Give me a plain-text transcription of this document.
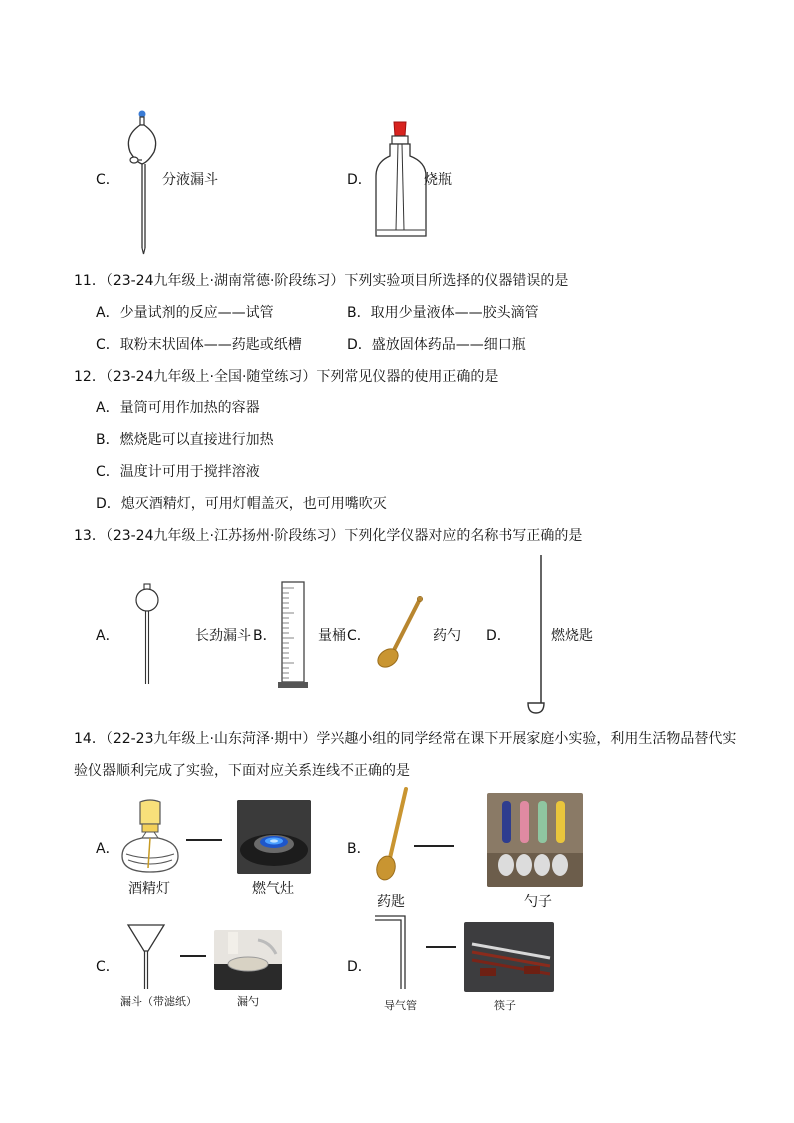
C．	分液漏斗	D．	烧瓶
11．（23-24九年级上·湖南常德·阶段练习）下列实验项目所选择的仪器错误的是
A．少量试剂的反应——试管	B．取用少量液体——胶头滴管
C．取粉末状固体——药匙或纸槽	D．盛放固体药品——细口瓶
12．（23-24九年级上·全国·随堂练习）下列常见仪器的使用正确的是
A．量筒可用作加热的容器
B．燃烧匙可以直接进行加热
C．温度计可用于搅拌溶液
D．熄灭酒精灯，可用灯帽盖灭，也可用嘴吹灭
13．（23-24九年级上·江苏扬州·阶段练习）下列化学仪器对应的名称书写正确的是
A．	长劲漏斗 B．	量桶 C．	药勺 D．	燃烧匙
14．（22-23九年级上·山东菏泽·期中）学兴趣小组的同学经常在课下开展家庭小实验，利用生活物品替代实
验仪器顺利完成了实验，下面对应关系连线不正确的是
A．
酒精灯	燃气灶
B．
药匙	勺子
C．
漏斗（带滤纸）	漏勺
D．
导气管	筷子
